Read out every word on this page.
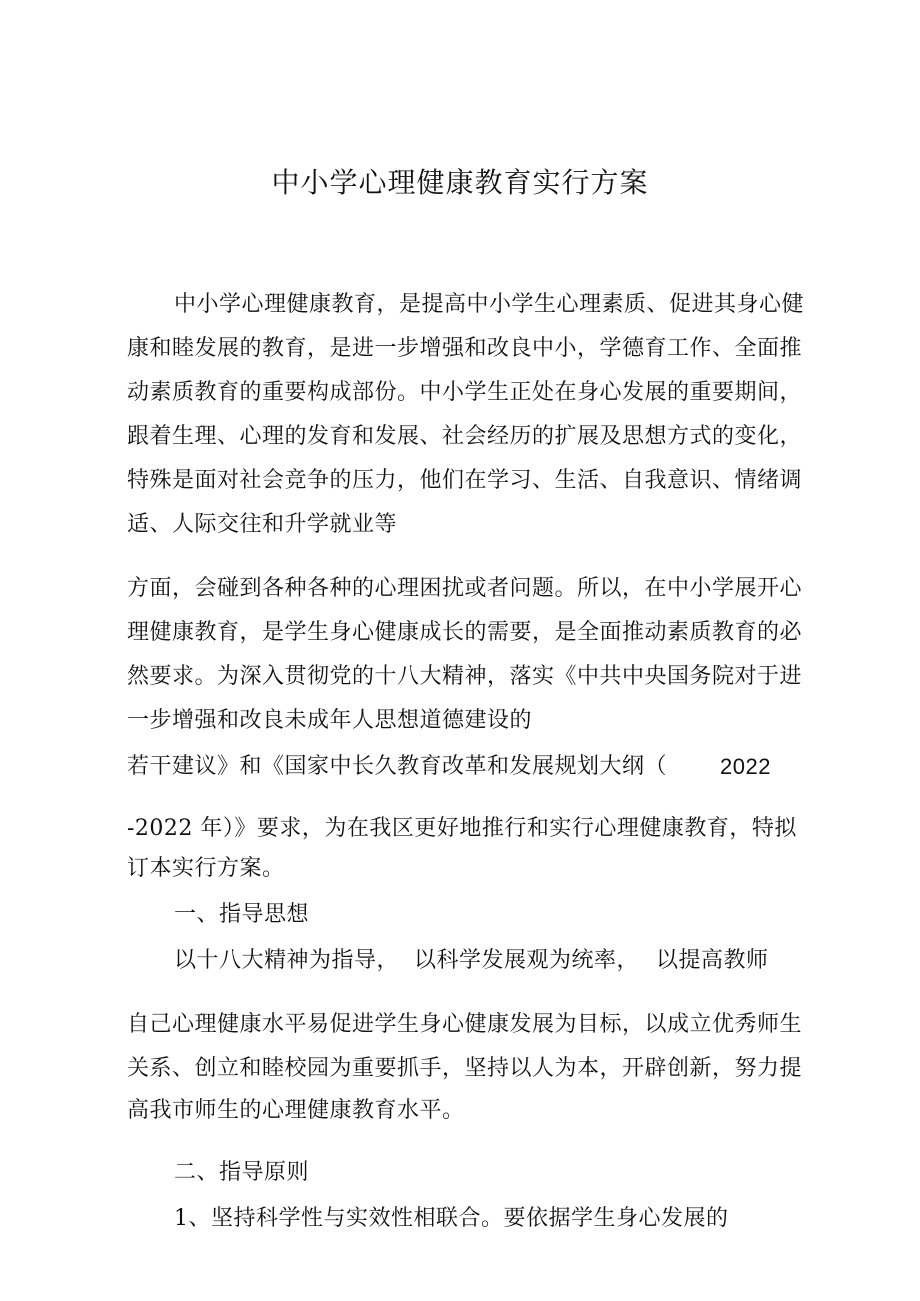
中小学心理健康教育实行方案
中小学心理健康教育，是提高中小学生心理素质、促进其身心健
康和睦发展的教育，是进一步增强和改良中小，学德育工作、全面推
动素质教育的重要构成部份。中小学生正处在身心发展的重要期间，
跟着生理、心理的发育和发展、社会经历的扩展及思想方式的变化，
特殊是面对社会竞争的压力，他们在学习、生活、自我意识、情绪调
适、人际交往和升学就业等
方面，会碰到各种各种的心理困扰或者问题。所以，在中小学展开心
理健康教育，是学生身心健康成长的需要，是全面推动素质教育的必
然要求。为深入贯彻党的十八大精神，落实《中共中央国务院对于进
一步增强和改良未成年人思想道德建设的
若干建议》和《国家中长久教育改革和发展规划大纲（ 2022
-2022 年）》要求，为在我区更好地推行和实行心理健康教育，特拟
订本实行方案。
一、指导思想
以十八大精神为指导， 以科学发展观为统率， 以提高教师
自己心理健康水平易促进学生身心健康发展为目标，以成立优秀师生
关系、创立和睦校园为重要抓手，坚持以人为本，开辟创新，努力提
高我市师生的心理健康教育水平。
二、指导原则
1、坚持科学性与实效性相联合。要依据学生身心发展的
